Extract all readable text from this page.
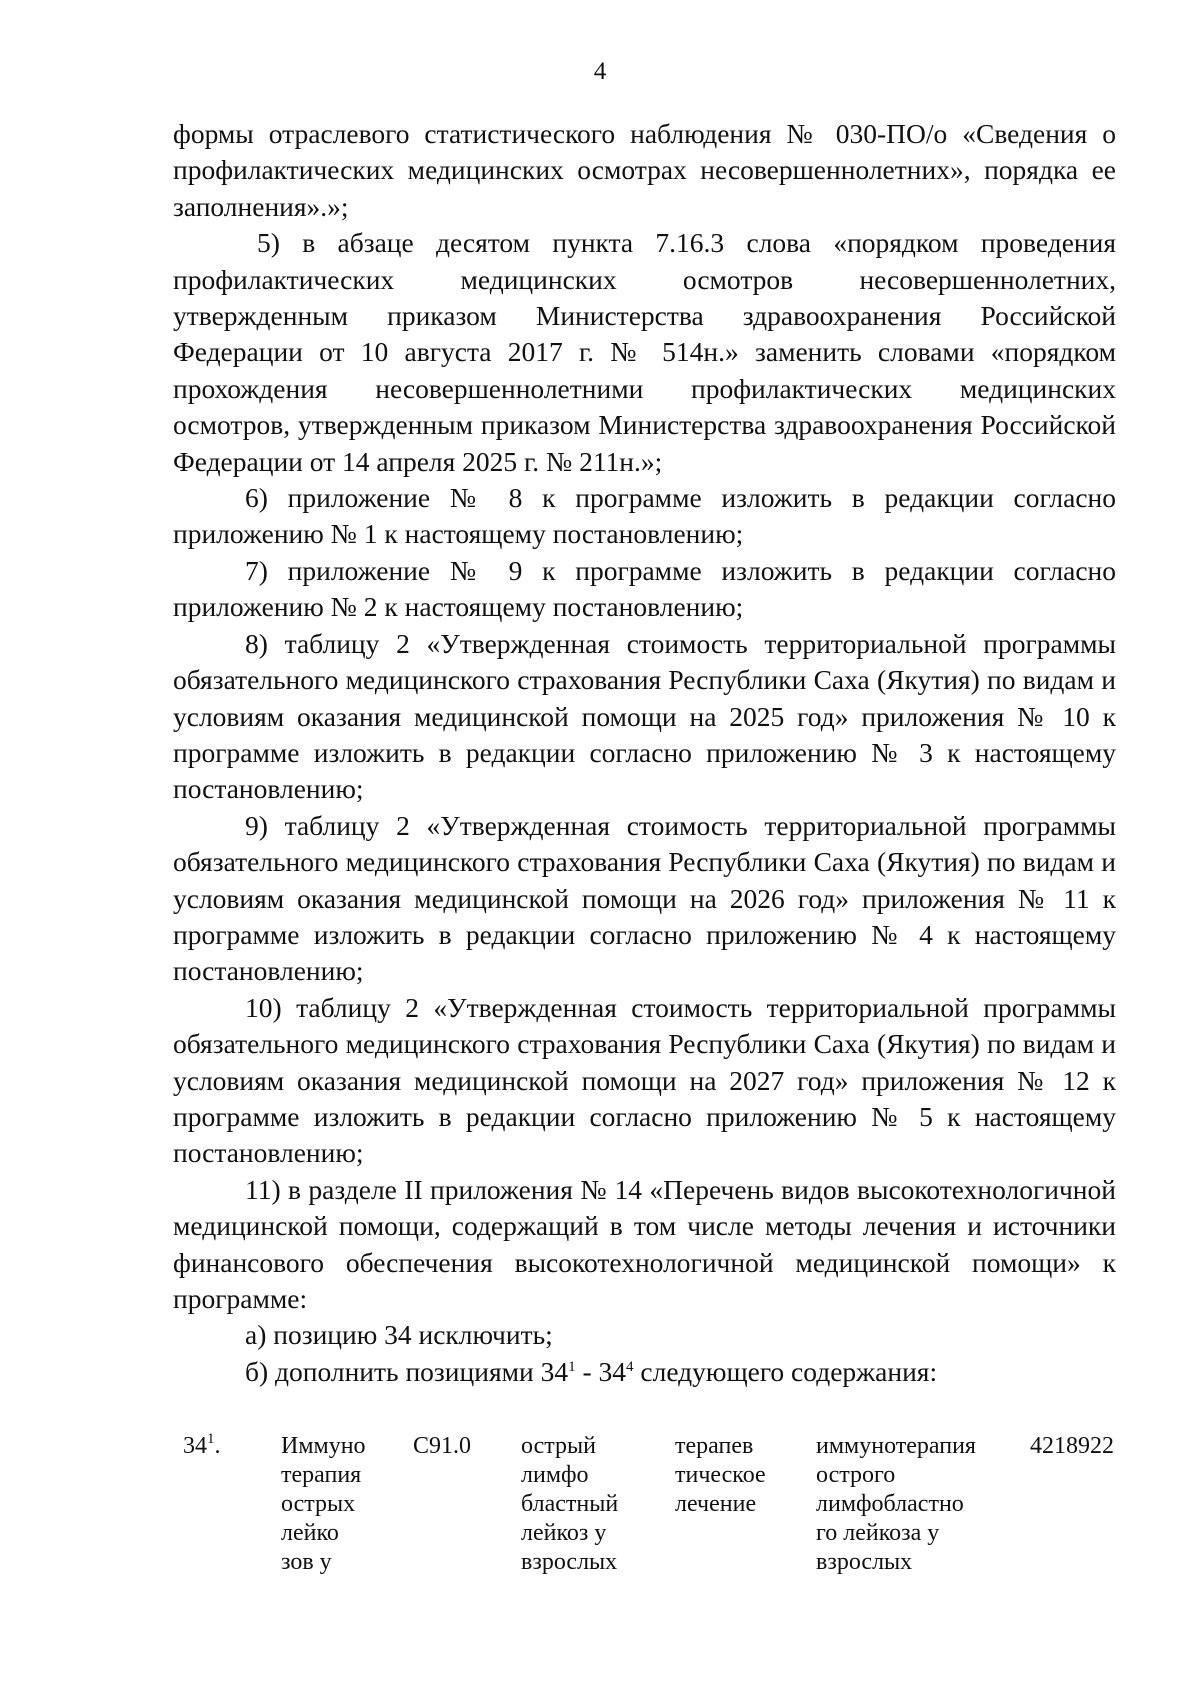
4

формы отраслевого статистического наблюдения № 030-ПО/о «Сведения о профилактических медицинских осмотрах несовершеннолетних», порядка ее заполнения».»;

5) в абзаце десятом пункта 7.16.3 слова «порядком проведения профилактических медицинских осмотров несовершеннолетних, утвержденным приказом Министерства здравоохранения Российской Федерации от 10 августа 2017 г. № 514н.» заменить словами «порядком прохождения несовершеннолетними профилактических медицинских осмотров, утвержденным приказом Министерства здравоохранения Российской Федерации от 14 апреля 2025 г. № 211н.»;

6) приложение № 8 к программе изложить в редакции согласно приложению № 1 к настоящему постановлению;

7) приложение № 9 к программе изложить в редакции согласно приложению № 2 к настоящему постановлению;

8) таблицу 2 «Утвержденная стоимость территориальной программы обязательного медицинского страхования Республики Саха (Якутия) по видам и условиям оказания медицинской помощи на 2025 год» приложения № 10 к программе изложить в редакции согласно приложению № 3 к настоящему постановлению;

9) таблицу 2 «Утвержденная стоимость территориальной программы обязательного медицинского страхования Республики Саха (Якутия) по видам и условиям оказания медицинской помощи на 2026 год» приложения № 11 к программе изложить в редакции согласно приложению № 4 к настоящему постановлению;

10) таблицу 2 «Утвержденная стоимость территориальной программы обязательного медицинского страхования Республики Саха (Якутия) по видам и условиям оказания медицинской помощи на 2027 год» приложения № 12 к программе изложить в редакции согласно приложению № 5 к настоящему постановлению;

11) в разделе II приложения № 14 «Перечень видов высокотехнологичной медицинской помощи, содержащий в том числе методы лечения и источники финансового обеспечения высокотехнологичной медицинской помощи» к программе:

а) позицию 34 исключить;

б) дополнить позициями $34^1 - 34^4$ следующего содержания:

$34^1$.	Иммуно
терапия
острых
лейко
зов у
C91.0 острый
лимфо
бластный
лейкоз у
взрослых
терапев
тическое
лечение
иммунотерапия
острого
лимфобластно
го лейкоза у
взрослых
4218922
